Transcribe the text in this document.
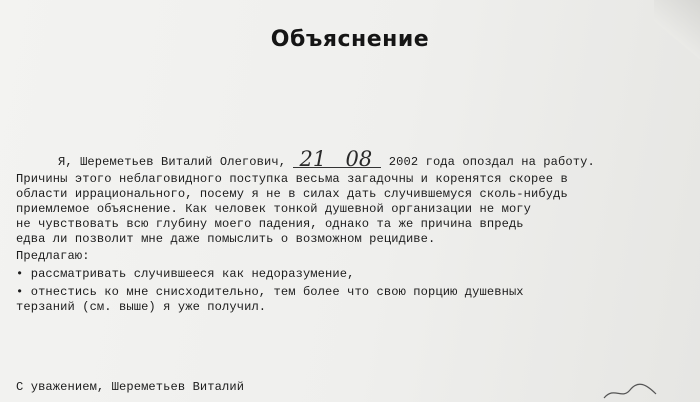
Объяснение
Я, Шереметьев Виталий Олегович, 21 08 2002 года опоздал на работу.
Причины этого неблаговидного поступка весьма загадочны и коренятся скорее в
области иррационального, посему я не в силах дать случившемуся сколь-нибудь
приемлемое объяснение. Как человек тонкой душевной организации не могу
не чувствовать всю глубину моего падения, однако та же причина впредь
едва ли позволит мне даже помыслить о возможном рецидиве.
Предлагаю:
• рассматривать случившееся как недоразумение,
• отнестись ко мне снисходительно, тем более что свою порцию душевных
терзаний (см. выше) я уже получил.
С уважением, Шереметьев Виталий
